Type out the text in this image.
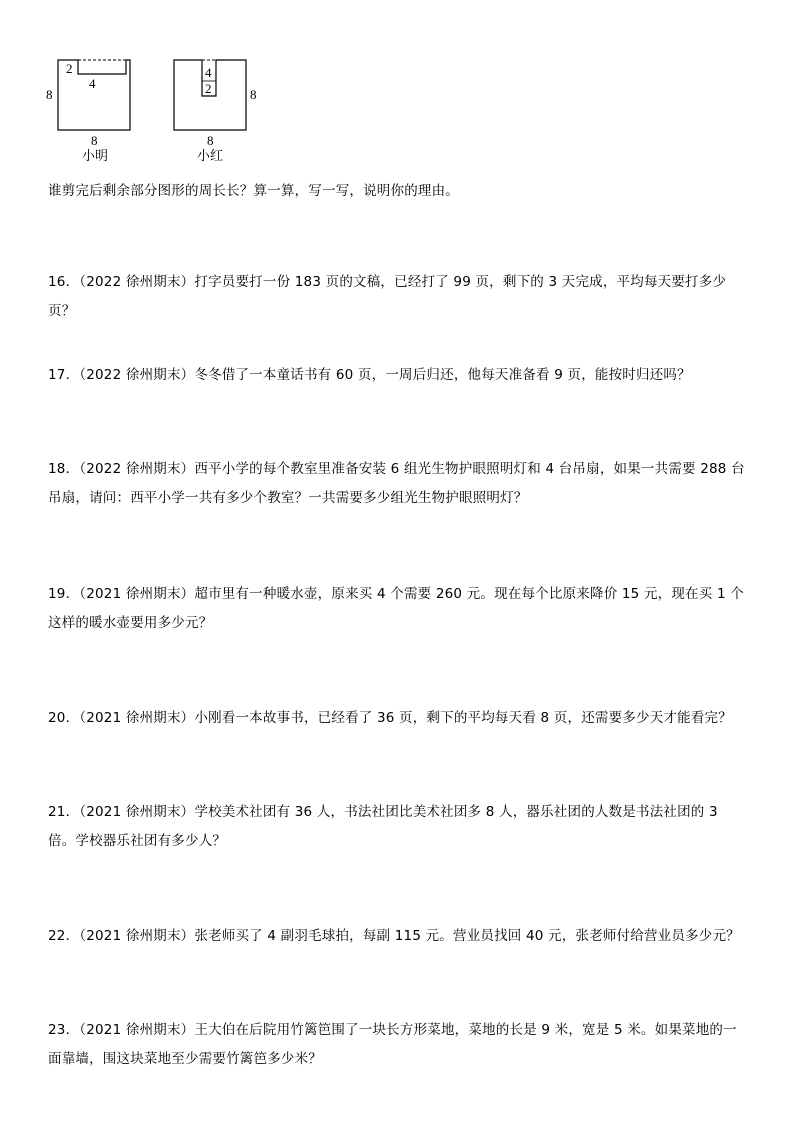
2
4
8
8
4
2	8
8
小明	小红
谁剪完后剩余部分图形的周长长？算一算，写一写，说明你的理由。
16．（2022 徐州期末）打字员要打一份 183 页的文稿，已经打了 99 页，剩下的 3 天完成，平均每天要打多少页？
17．（2022 徐州期末）冬冬借了一本童话书有 60 页，一周后归还，他每天准备看 9 页，能按时归还吗？
18．（2022 徐州期末）西平小学的每个教室里准备安装 6 组光生物护眼照明灯和 4 台吊扇，如果一共需要 288 台吊扇，请问：西平小学一共有多少个教室？一共需要多少组光生物护眼照明灯？
19．（2021 徐州期末）超市里有一种暖水壶，原来买 4 个需要 260 元。现在每个比原来降价 15 元，现在买 1 个这样的暖水壶要用多少元？
20．（2021 徐州期末）小刚看一本故事书，已经看了 36 页，剩下的平均每天看 8 页，还需要多少天才能看完？
21．（2021 徐州期末）学校美术社团有 36 人，书法社团比美术社团多 8 人，器乐社团的人数是书法社团的 3 倍。学校器乐社团有多少人？
22．（2021 徐州期末）张老师买了 4 副羽毛球拍，每副 115 元。营业员找回 40 元，张老师付给营业员多少元？
23．（2021 徐州期末）王大伯在后院用竹篱笆围了一块长方形菜地，菜地的长是 9 米，宽是 5 米。如果菜地的一面靠墙，围这块菜地至少需要竹篱笆多少米？
